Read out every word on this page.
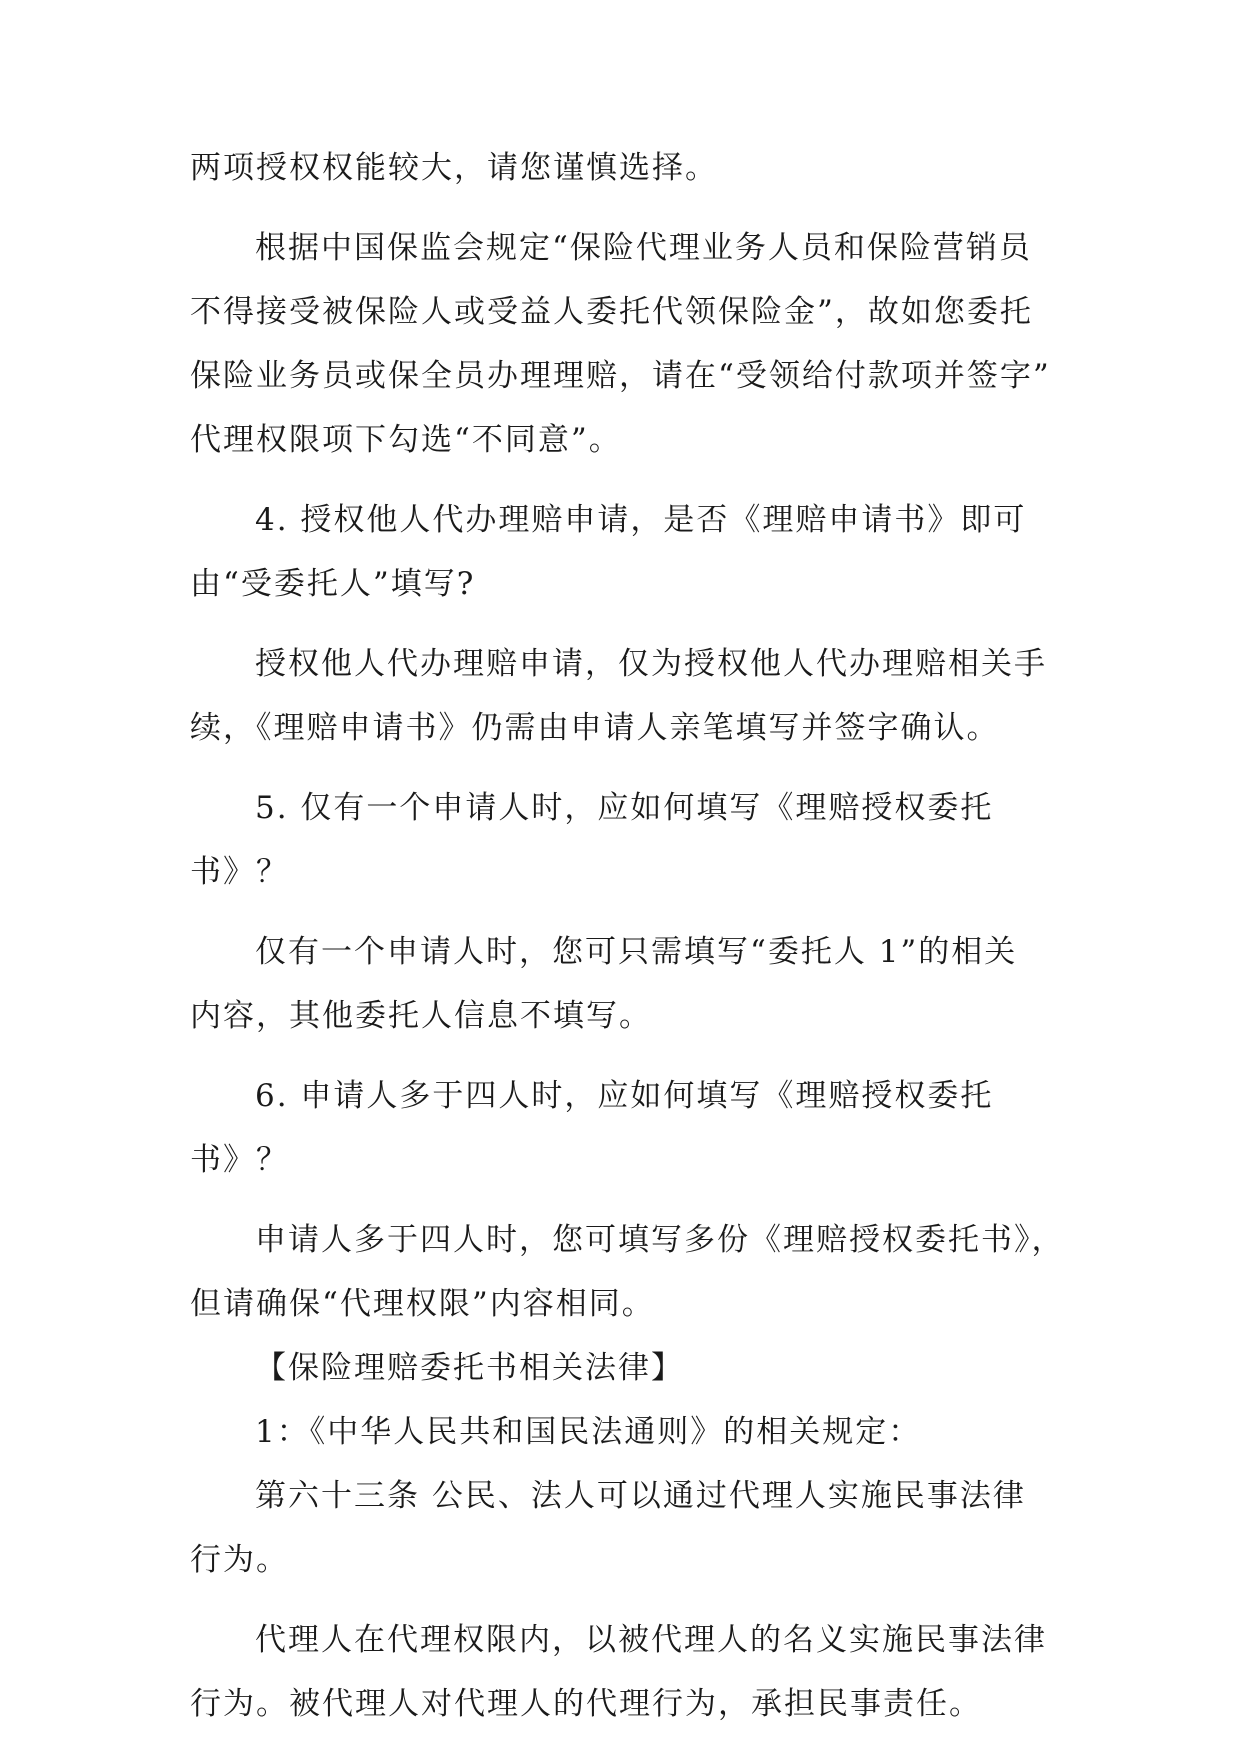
两项授权权能较大，请您谨慎选择。
根据中国保监会规定“保险代理业务人员和保险营销员
不得接受被保险人或受益人委托代领保险金”，故如您委托
保险业务员或保全员办理理赔，请在“受领给付款项并签字”
代理权限项下勾选“不同意”。
4. 授权他人代办理赔申请，是否《理赔申请书》即可
由“受委托人”填写?
授权他人代办理赔申请，仅为授权他人代办理赔相关手
续，《理赔申请书》仍需由申请人亲笔填写并签字确认。
5. 仅有一个申请人时，应如何填写《理赔授权委托
书》？
仅有一个申请人时，您可只需填写“委托人 1”的相关
内容，其他委托人信息不填写。
6. 申请人多于四人时，应如何填写《理赔授权委托
书》？
申请人多于四人时，您可填写多份《理赔授权委托书》，
但请确保“代理权限”内容相同。
【保险理赔委托书相关法律】
1：《中华人民共和国民法通则》的相关规定：
第六十三条 公民、法人可以通过代理人实施民事法律
行为。
代理人在代理权限内，以被代理人的名义实施民事法律
行为。被代理人对代理人的代理行为，承担民事责任。
